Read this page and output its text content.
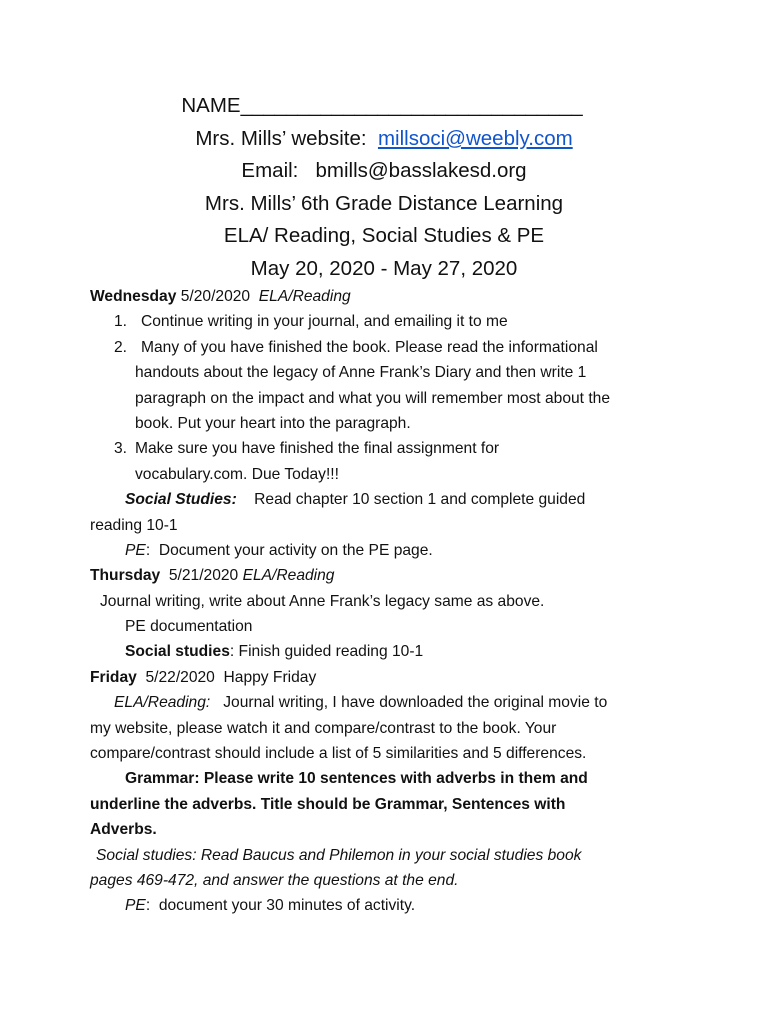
NAME______________________________
Mrs. Mills’ website: millsoci@weebly.com
Email: bmills@basslakesd.org
Mrs. Mills’ 6th Grade Distance Learning
ELA/ Reading, Social Studies & PE
May 20, 2020 - May 27, 2020
Wednesday 5/20/2020 ELA/Reading
1. Continue writing in your journal, and emailing it to me
2. Many of you have finished the book. Please read the informational
handouts about the legacy of Anne Frank’s Diary and then write 1
paragraph on the impact and what you will remember most about the
book. Put your heart into the paragraph.
3. Make sure you have finished the final assignment for
vocabulary.com. Due Today!!!
Social Studies: Read chapter 10 section 1 and complete guided
reading 10-1
PE:  Document your activity on the PE page.
Thursday 5/21/2020 ELA/Reading
Journal writing, write about Anne Frank’s legacy same as above.
PE documentation
Social studies: Finish guided reading 10-1
Friday 5/22/2020 Happy Friday
ELA/Reading: Journal writing, I have downloaded the original movie to
my website, please watch it and compare/contrast to the book. Your
compare/contrast should include a list of 5 similarities and 5 differences.
Grammar: Please write 10 sentences with adverbs in them and
underline the adverbs. Title should be Grammar, Sentences with
Adverbs.
Social studies: Read Baucus and Philemon in your social studies book
pages 469-472, and answer the questions at the end.
PE:  document your 30 minutes of activity.
